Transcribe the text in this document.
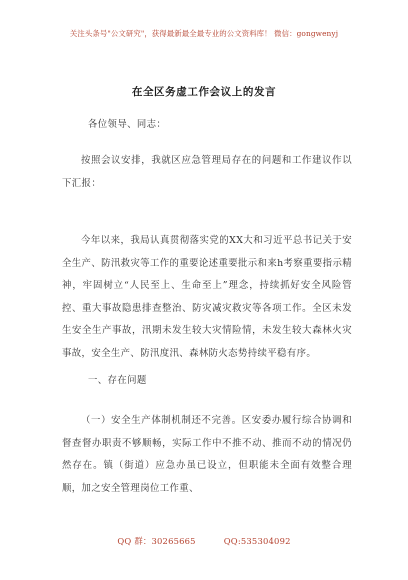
关注头条号"公文研究"，获得最新最全最专业的公文资料库！ 微信：gongwenyj
在全区务虚工作会议上的发言
各位领导、同志：
按照会议安排，我就区应急管理局存在的问题和工作建议作以下汇报：
今年以来，我局认真贯彻落实党的XX大和习近平总书记关于安全生产、防汛救灾等工作的重要论述重要批示和来h考察重要指示精神，牢固树立“人民至上、生命至上”理念，持续抓好安全风险管控、重大事故隐患排查整治、防灾减灾救灾等各项工作。全区未发生安全生产事故，汛期未发生较大灾情险情，未发生较大森林火灾事故，安全生产、防汛度汛、森林防火态势持续平稳有序。
一、存在问题
（一）安全生产体制机制还不完善。区安委办履行综合协调和督查督办职责不够顺畅，实际工作中不推不动、推而不动的情况仍然存在。镇（街道）应急办虽已设立，但职能未全面有效整合理顺，加之安全管理岗位工作重、
QQ 群：30265665	QQ:535304092
